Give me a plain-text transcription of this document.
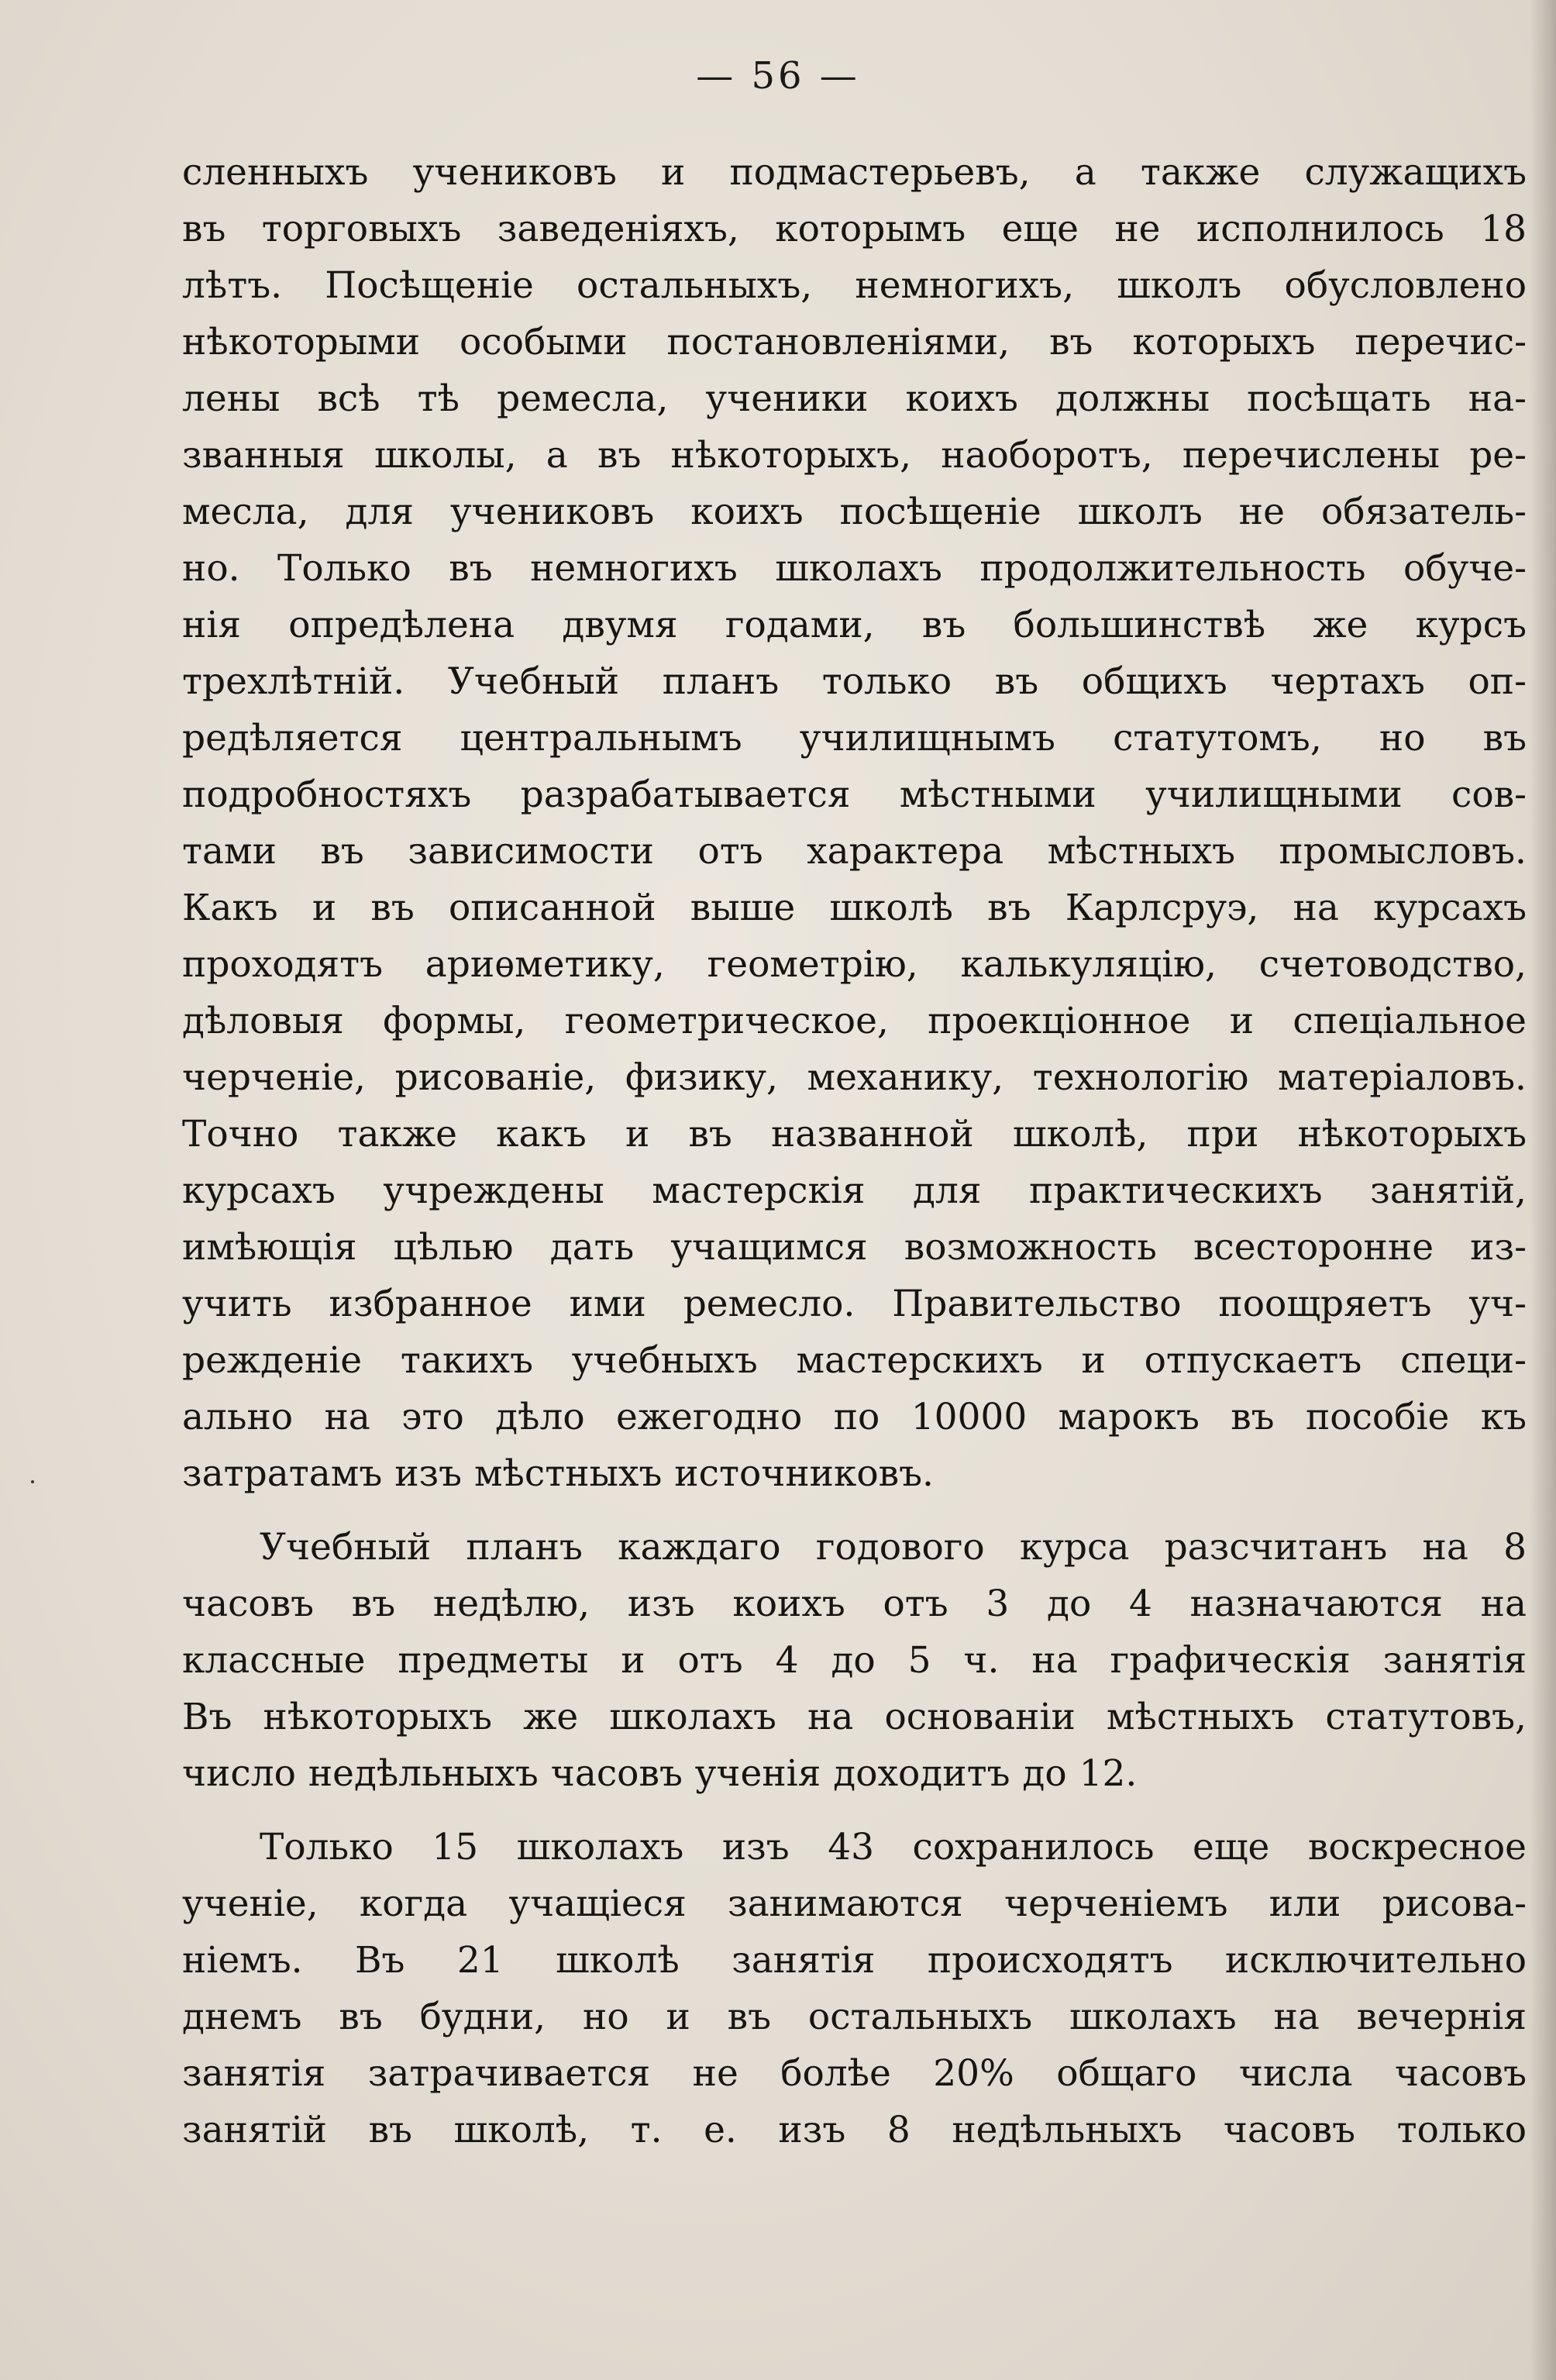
— 56 —

сленныхъ учениковъ и подмастерьевъ, а также служащихъ
въ торговыхъ заведеніяхъ, которымъ еще не исполнилось 18
лѣтъ. Посѣщеніе остальныхъ, немногихъ, школъ обусловлено
нѣкоторыми особыми постановленіями, въ которыхъ перечис-
лены всѣ тѣ ремесла, ученики коихъ должны посѣщать на-
званныя школы, а въ нѣкоторыхъ, наоборотъ, перечислены ре-
месла, для учениковъ коихъ посѣщеніе школъ не обязатель-
но. Только въ немногихъ школахъ продолжительность обуче-
нія опредѣлена двумя годами, въ большинствѣ же курсъ
трехлѣтній. Учебный планъ только въ общихъ чертахъ оп-
редѣляется центральнымъ училищнымъ статутомъ, но въ
подробностяхъ разрабатывается мѣстными училищными сов-
тами въ зависимости отъ характера мѣстныхъ промысловъ.
Какъ и въ описанной выше школѣ въ Карлсруэ, на курсахъ
проходятъ ариѳметику, геометрію, калькуляцію, счетоводство,
дѣловыя формы, геометрическое, проекціонное и спеціальное
черченіе, рисованіе, физику, механику, технологію матеріаловъ.
Точно также какъ и въ названной школѣ, при нѣкоторыхъ
курсахъ учреждены мастерскія для практическихъ занятій,
имѣющія цѣлью дать учащимся возможность всесторонне из-
учить избранное ими ремесло. Правительство поощряетъ уч-
режденіе такихъ учебныхъ мастерскихъ и отпускаетъ специ-
ально на это дѣло ежегодно по 10000 марокъ въ пособіе къ
затратамъ изъ мѣстныхъ источниковъ.
Учебный планъ каждаго годового курса разсчитанъ на 8
часовъ въ недѣлю, изъ коихъ отъ 3 до 4 назначаются на
классные предметы и отъ 4 до 5 ч. на графическія занятія
Въ нѣкоторыхъ же школахъ на основаніи мѣстныхъ статутовъ,
число недѣльныхъ часовъ ученія доходитъ до 12.
Только 15 школахъ изъ 43 сохранилось еще воскресное
ученіе, когда учащіеся занимаются черченіемъ или рисова-
ніемъ. Въ 21 школѣ занятія происходятъ исключительно
днемъ въ будни, но и въ остальныхъ школахъ на вечернія
занятія затрачивается не болѣе 20% общаго числа часовъ
занятій въ школѣ, т. е. изъ 8 недѣльныхъ часовъ только
